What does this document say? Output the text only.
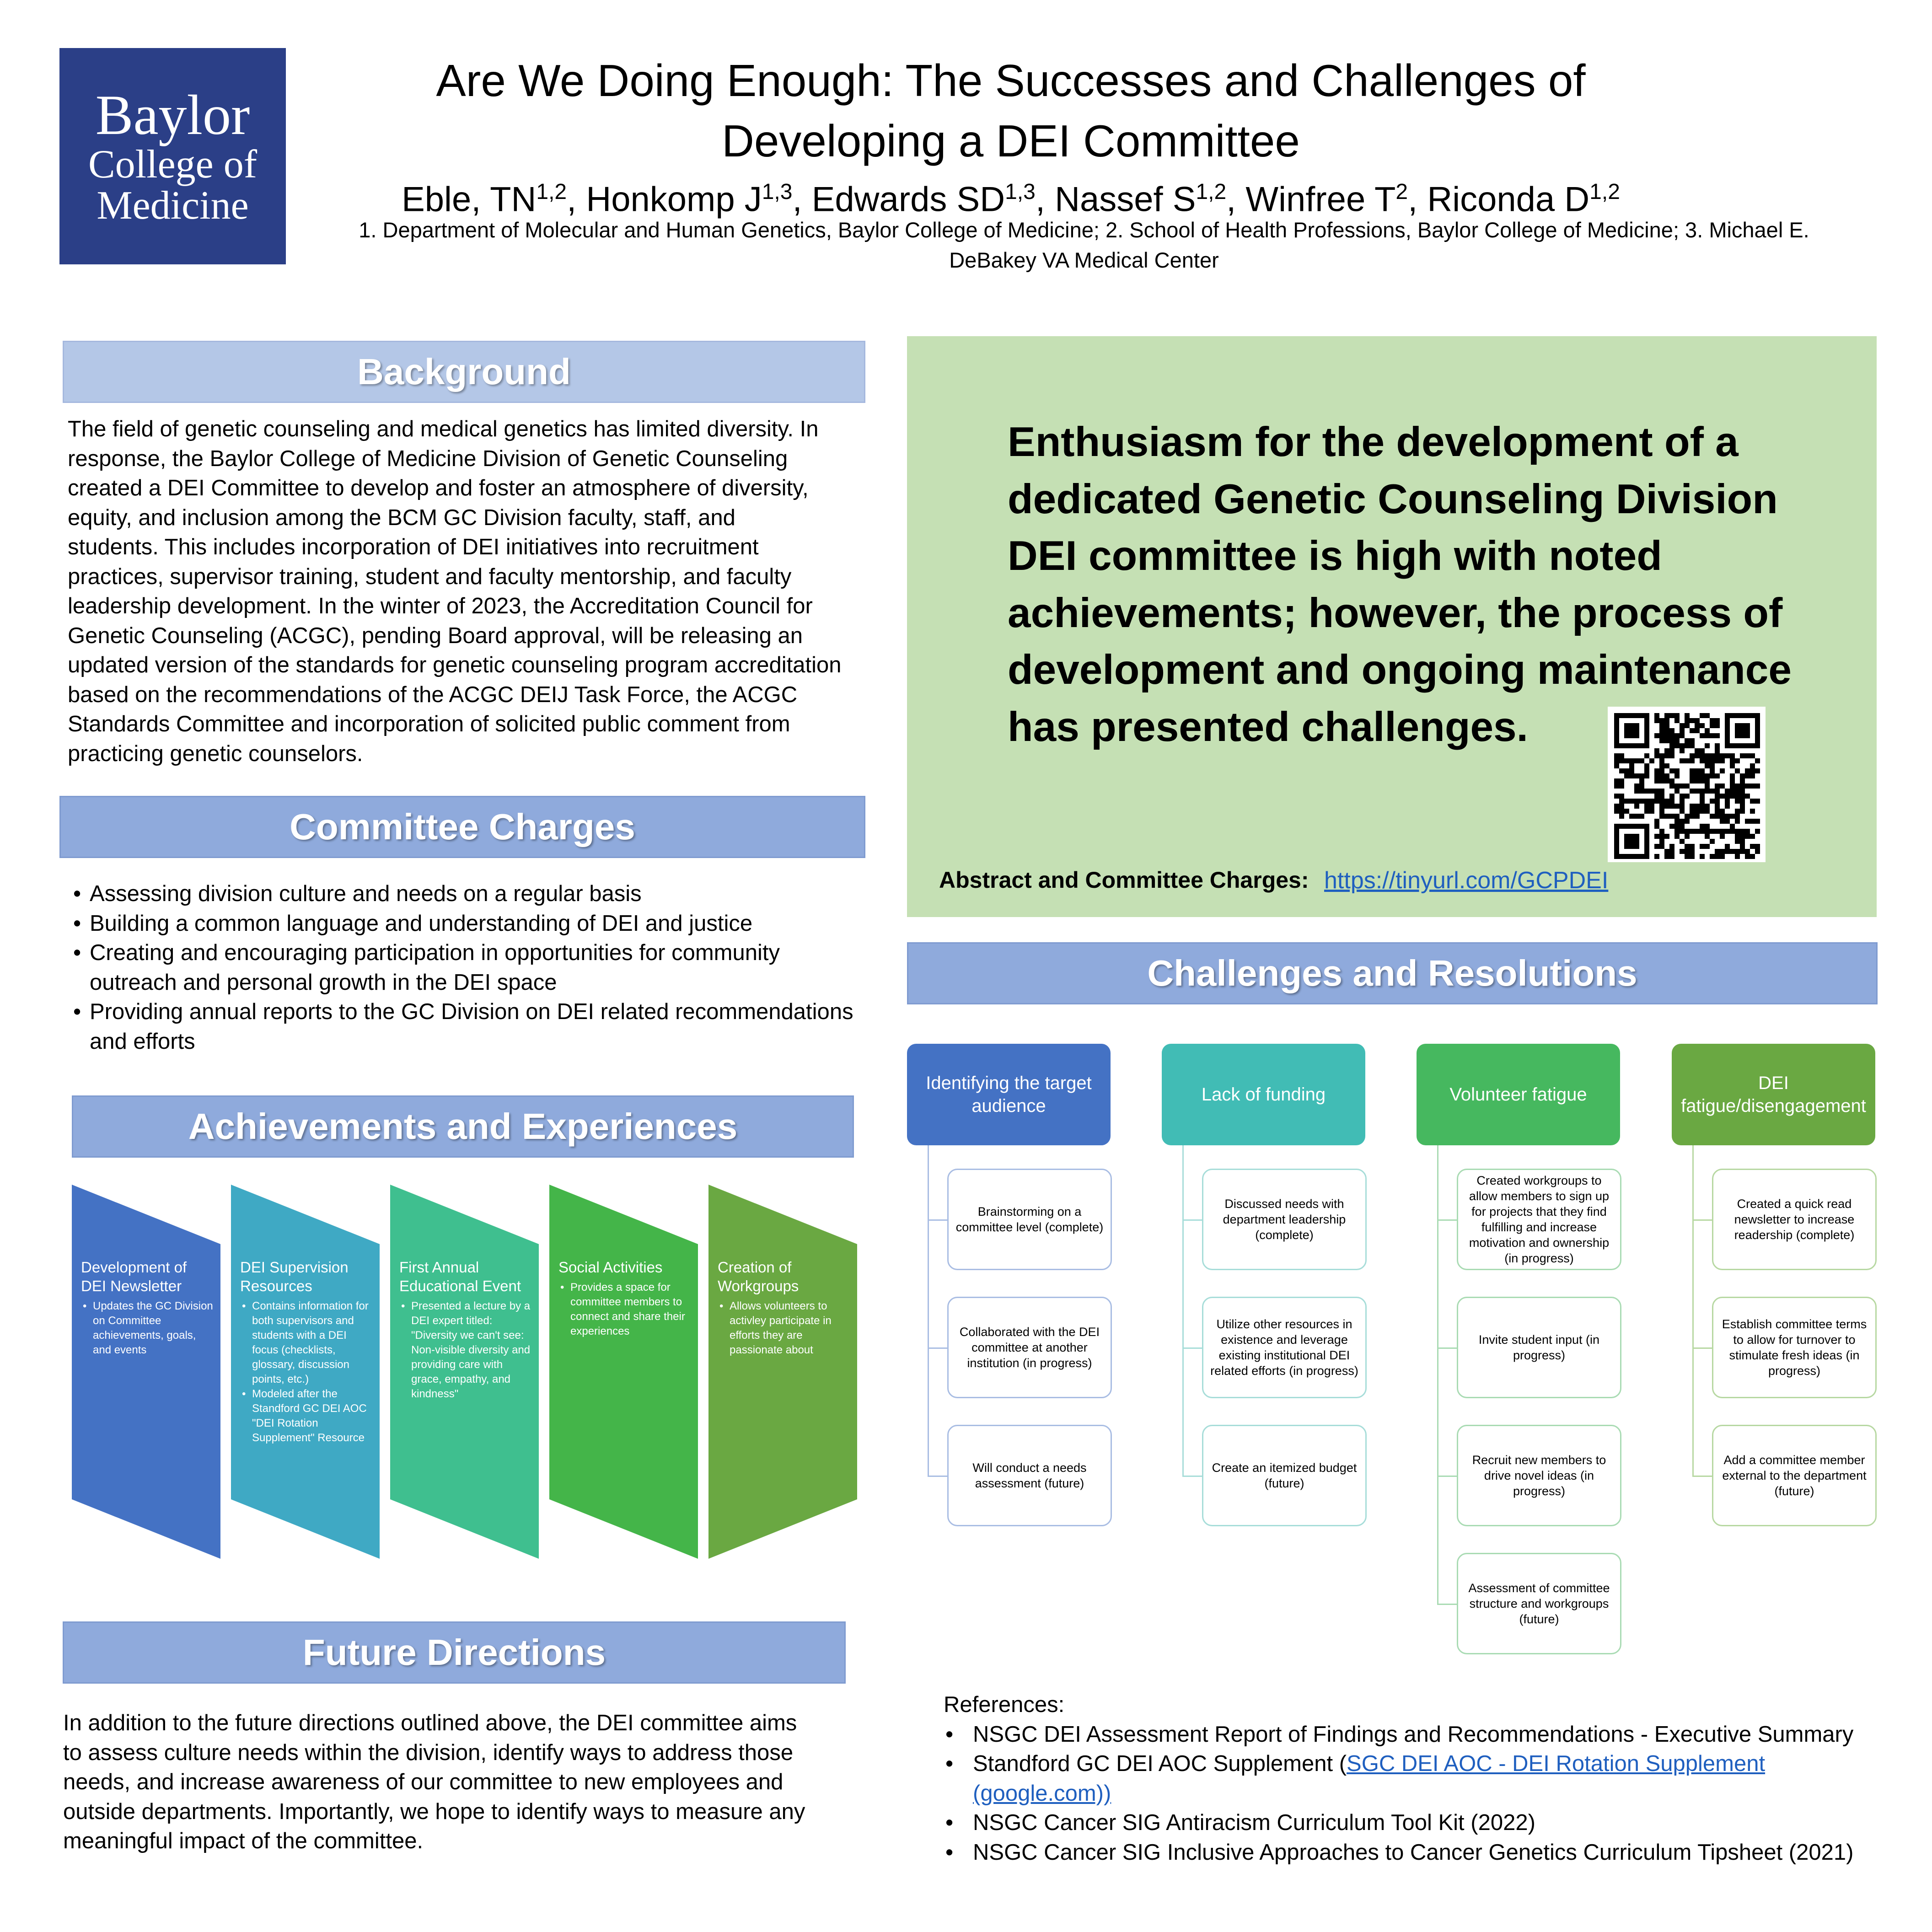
Baylor
College of
Medicine
Are We Doing Enough: The Successes and Challenges of
Developing a DEI Committee
Eble, TN$^{1,2}$, Honkomp J$^{1,3}$, Edwards SD$^{1,3}$, Nassef S$^{1,2}$, Winfree $T^2$, Riconda D$^{1,2}$
1. Department of Molecular and Human Genetics, Baylor College of Medicine; 2. School of Health Professions, Baylor College of Medicine; 3. Michael E.
DeBakey VA Medical Center
Background
The field of genetic counseling and medical genetics has limited diversity. In
response, the Baylor College of Medicine Division of Genetic Counseling
created a DEI Committee to develop and foster an atmosphere of diversity,
equity, and inclusion among the BCM GC Division faculty, staff, and
students. This includes incorporation of DEI initiatives into recruitment
practices, supervisor training, student and faculty mentorship, and faculty
leadership development. In the winter of 2023, the Accreditation Council for
Genetic Counseling (ACGC), pending Board approval, will be releasing an
updated version of the standards for genetic counseling program accreditation
based on the recommendations of the ACGC DEIJ Task Force, the ACGC
Standards Committee and incorporation of solicited public comment from
practicing genetic counselors.
Committee Charges
• Assessing division culture and needs on a regular basis
• Building a common language and understanding of DEI and justice
• Creating and encouraging participation in opportunities for community
outreach and personal growth in the DEI space
• Providing annual reports to the GC Division on DEI related recommendations
and efforts
Achievements and Experiences
Development of DEI Newsletter
• Updates the GC Division on Committee achievements, goals, and events
DEI Supervision Resources
• Contains information for both supervisors and students with a DEI focus (checklists, glossary, discussion points, etc.)
• Modeled after the Standford GC DEI AOC "DEI Rotation Supplement" Resource
First Annual Educational Event
• Presented a lecture by a DEI expert titled: "Diversity we can't see: Non-visible diversity and providing care with grace, empathy, and kindness"
Social Activities
• Provides a space for committee members to connect and share their experiences
Creation of Workgroups
• Allows volunteers to activley participate in efforts they are passionate about
Future Directions
In addition to the future directions outlined above, the DEI committee aims
to assess culture needs within the division, identify ways to address those
needs, and increase awareness of our committee to new employees and
outside departments. Importantly, we hope to identify ways to measure any
meaningful impact of the committee.
Enthusiasm for the development of a
dedicated Genetic Counseling Division
DEI committee is high with noted
achievements; however, the process of
development and ongoing maintenance
has presented challenges.
Abstract and Committee Charges: https://tinyurl.com/GCPDEI
Challenges and Resolutions
References:
• NSGC DEI Assessment Report of Findings and Recommendations - Executive Summary
• Standford GC DEI AOC Supplement (SGC DEI AOC - DEI Rotation Supplement (google.com))
• NSGC Cancer SIG Antiracism Curriculum Tool Kit (2022)
• NSGC Cancer SIG Inclusive Approaches to Cancer Genetics Curriculum Tipsheet (2021)
Identifying the target audience
Brainstorming on a committee level (complete)
Collaborated with the DEI committee at another institution (in progress)
Will conduct a needs assessment (future)
Lack of funding
Discussed needs with department leadership (complete)
Utilize other resources in existence and leverage existing institutional DEI related efforts (in progress)
Create an itemized budget (future)
Volunteer fatigue
Created workgroups to allow members to sign up for projects that they find fulfilling and increase motivation and ownership (in progress)
Invite student input (in progress)
Recruit new members to drive novel ideas (in progress)
Assessment of committee structure and workgroups (future)
DEI fatigue/disengagement
Created a quick read newsletter to increase readership (complete)
Establish committee terms to allow for turnover to stimulate fresh ideas (in progress)
Add a committee member external to the department (future)
